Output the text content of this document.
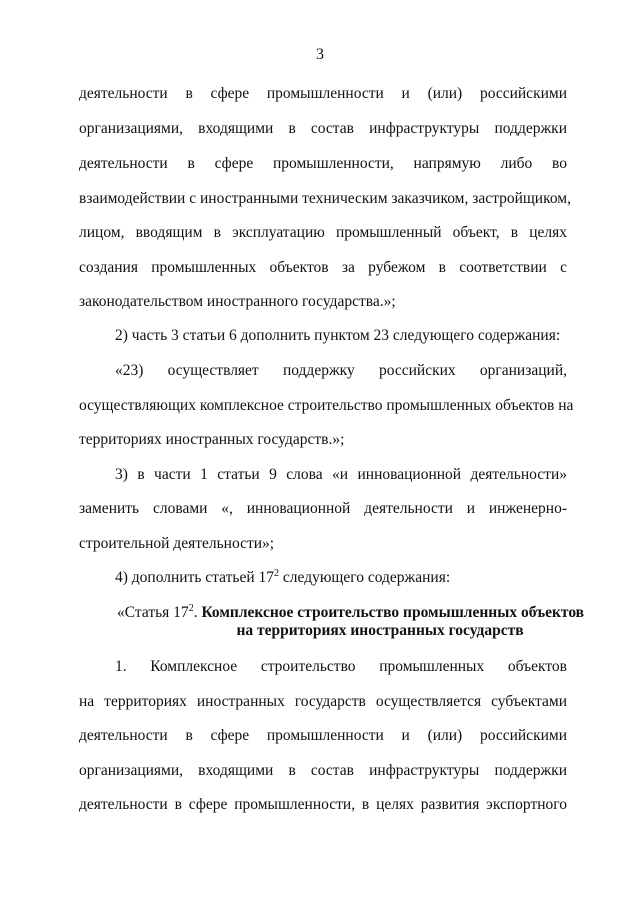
3
деятельности в сфере промышленности и (или) российскими
организациями, входящими в состав инфраструктуры поддержки
деятельности в сфере промышленности, напрямую либо во
взаимодействии с иностранными техническим заказчиком, застройщиком,
лицом, вводящим в эксплуатацию промышленный объект, в целях
создания промышленных объектов за рубежом в соответствии с
законодательством иностранного государства.»;
2) часть 3 статьи 6 дополнить пунктом 23 следующего содержания:
«23) осуществляет поддержку российских организаций,
осуществляющих комплексное строительство промышленных объектов на
территориях иностранных государств.»;
3) в части 1 статьи 9 слова «и инновационной деятельности»
заменить словами «, инновационной деятельности и инженерно-
строительной деятельности»;
4) дополнить статьей $17^2$ следующего содержания:
«Статья $17^2$. Комплексное строительство промышленных объектов
на территориях иностранных государств
1. Комплексное строительство промышленных объектов
на территориях иностранных государств осуществляется субъектами
деятельности в сфере промышленности и (или) российскими
организациями, входящими в состав инфраструктуры поддержки
деятельности в сфере промышленности, в целях развития экспортного
